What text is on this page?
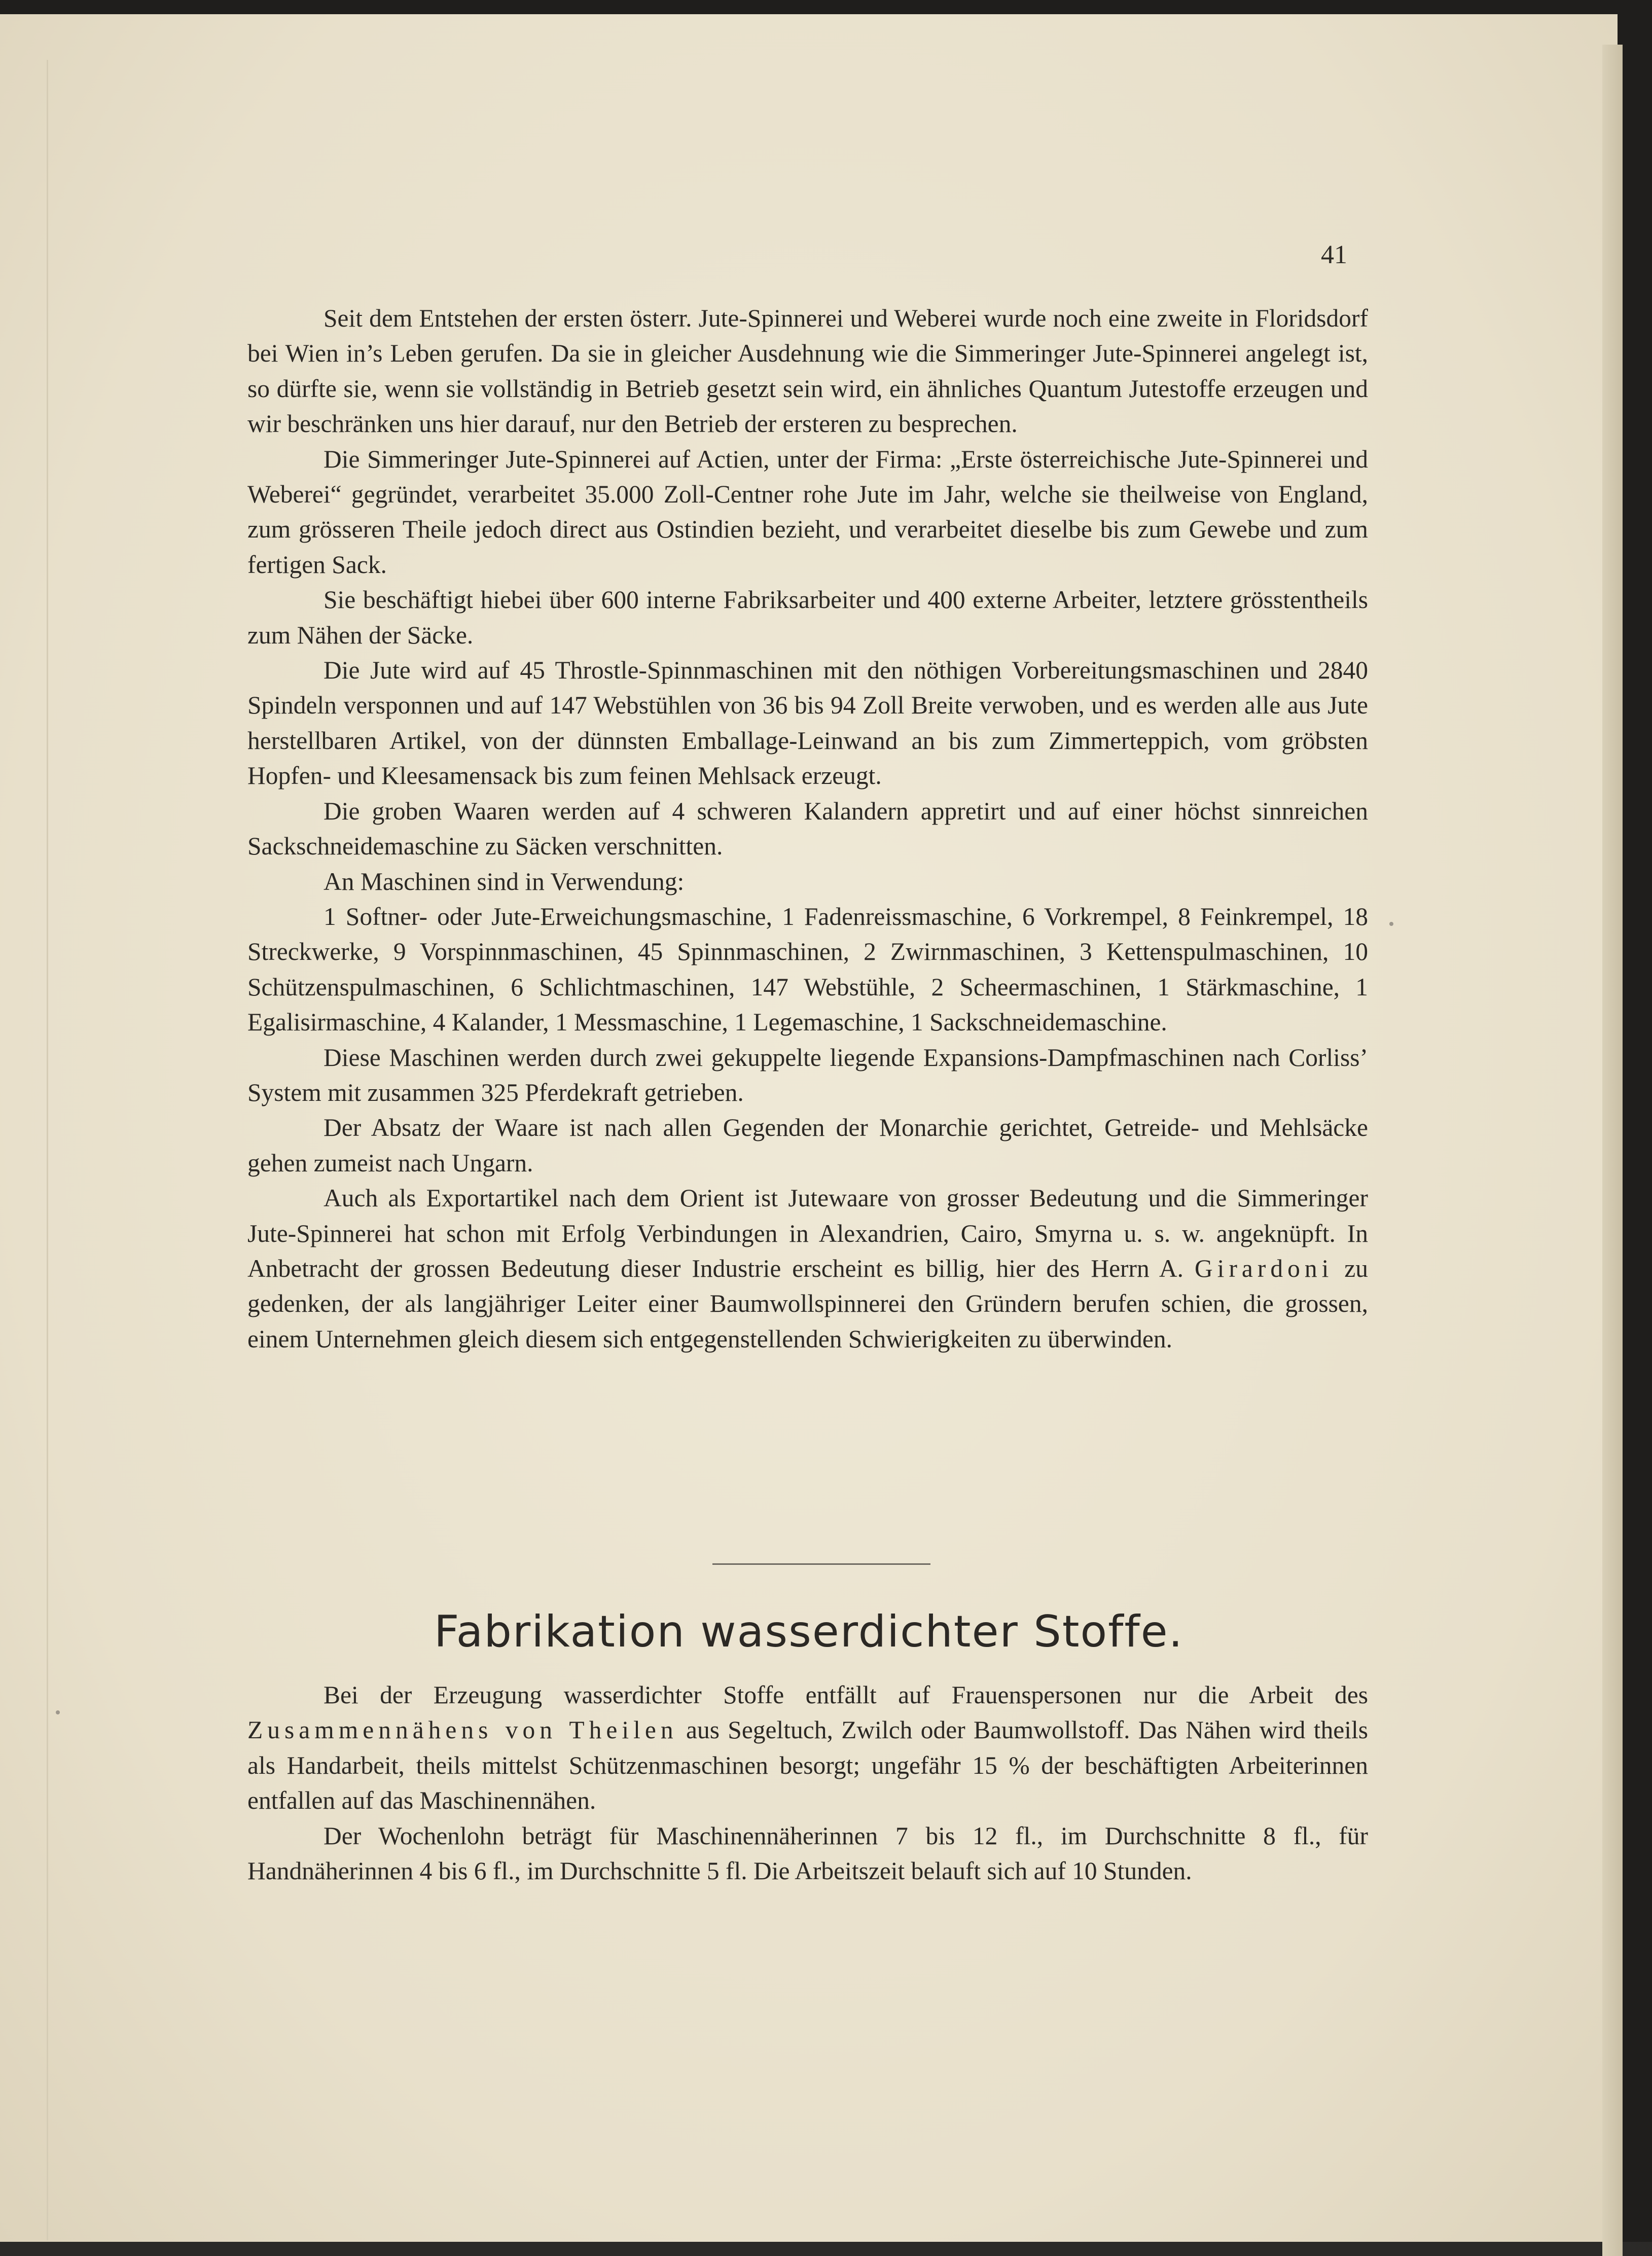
41

Seit dem Entstehen der ersten österr. Jute-Spinnerei und Weberei wurde noch eine zweite in Floridsdorf bei Wien in’s Leben gerufen. Da sie in gleicher Ausdehnung wie die Simmeringer Jute-Spinnerei angelegt ist, so dürfte sie, wenn sie vollständig in Betrieb gesetzt sein wird, ein ähnliches Quantum Jutestoffe erzeugen und wir beschränken uns hier darauf, nur den Betrieb der ersteren zu besprechen.

Die Simmeringer Jute-Spinnerei auf Actien, unter der Firma: „Erste österreichische Jute-Spinnerei und Weberei“ gegründet, verarbeitet 35.000 Zoll-Centner rohe Jute im Jahr, welche sie theilweise von England, zum grösseren Theile jedoch direct aus Ostindien bezieht, und verarbeitet dieselbe bis zum Gewebe und zum fertigen Sack.

Sie beschäftigt hiebei über 600 interne Fabriksarbeiter und 400 externe Arbeiter, letztere grösstentheils zum Nähen der Säcke.

Die Jute wird auf 45 Throstle-Spinnmaschinen mit den nöthigen Vorbereitungsmaschinen und 2840 Spindeln versponnen und auf 147 Webstühlen von 36 bis 94 Zoll Breite verwoben, und es werden alle aus Jute herstellbaren Artikel, von der dünnsten Emballage-Leinwand an bis zum Zimmerteppich, vom gröbsten Hopfen- und Kleesamensack bis zum feinen Mehlsack erzeugt.

Die groben Waaren werden auf 4 schweren Kalandern appretirt und auf einer höchst sinnreichen Sackschneidemaschine zu Säcken verschnitten.

An Maschinen sind in Verwendung:

1 Softner- oder Jute-Erweichungsmaschine, 1 Fadenreissmaschine, 6 Vorkrempel, 8 Feinkrempel, 18 Streckwerke, 9 Vorspinnmaschinen, 45 Spinnmaschinen, 2 Zwirnmaschinen, 3 Kettenspulmaschinen, 10 Schützenspulmaschinen, 6 Schlichtmaschinen, 147 Webstühle, 2 Scheermaschinen, 1 Stärkmaschine, 1 Egalisirmaschine, 4 Kalander, 1 Messmaschine, 1 Legemaschine, 1 Sackschneidemaschine.

Diese Maschinen werden durch zwei gekuppelte liegende Expansions-Dampfmaschinen nach Corliss’ System mit zusammen 325 Pferdekraft getrieben.

Der Absatz der Waare ist nach allen Gegenden der Monarchie gerichtet, Getreide- und Mehlsäcke gehen zumeist nach Ungarn.

Auch als Exportartikel nach dem Orient ist Jutewaare von grosser Bedeutung und die Simmeringer Jute-Spinnerei hat schon mit Erfolg Verbindungen in Alexandrien, Cairo, Smyrna u. s. w. angeknüpft. In Anbetracht der grossen Bedeutung dieser Industrie erscheint es billig, hier des Herrn A. Girardoni zu gedenken, der als langjähriger Leiter einer Baumwollspinnerei den Gründern berufen schien, die grossen, einem Unternehmen gleich diesem sich entgegenstellenden Schwierigkeiten zu überwinden.

Fabrikation wasserdichter Stoffe.

Bei der Erzeugung wasserdichter Stoffe entfällt auf Frauenspersonen nur die Arbeit des Zusammennähens von Theilen aus Segeltuch, Zwilch oder Baumwollstoff. Das Nähen wird theils als Handarbeit, theils mittelst Schützenmaschinen besorgt; ungefähr 15 % der beschäftigten Arbeiterinnen entfallen auf das Maschinennähen.

Der Wochenlohn beträgt für Maschinennäherinnen 7 bis 12 fl., im Durchschnitte 8 fl., für Handnäherinnen 4 bis 6 fl., im Durchschnitte 5 fl. Die Arbeitszeit belauft sich auf 10 Stunden.
